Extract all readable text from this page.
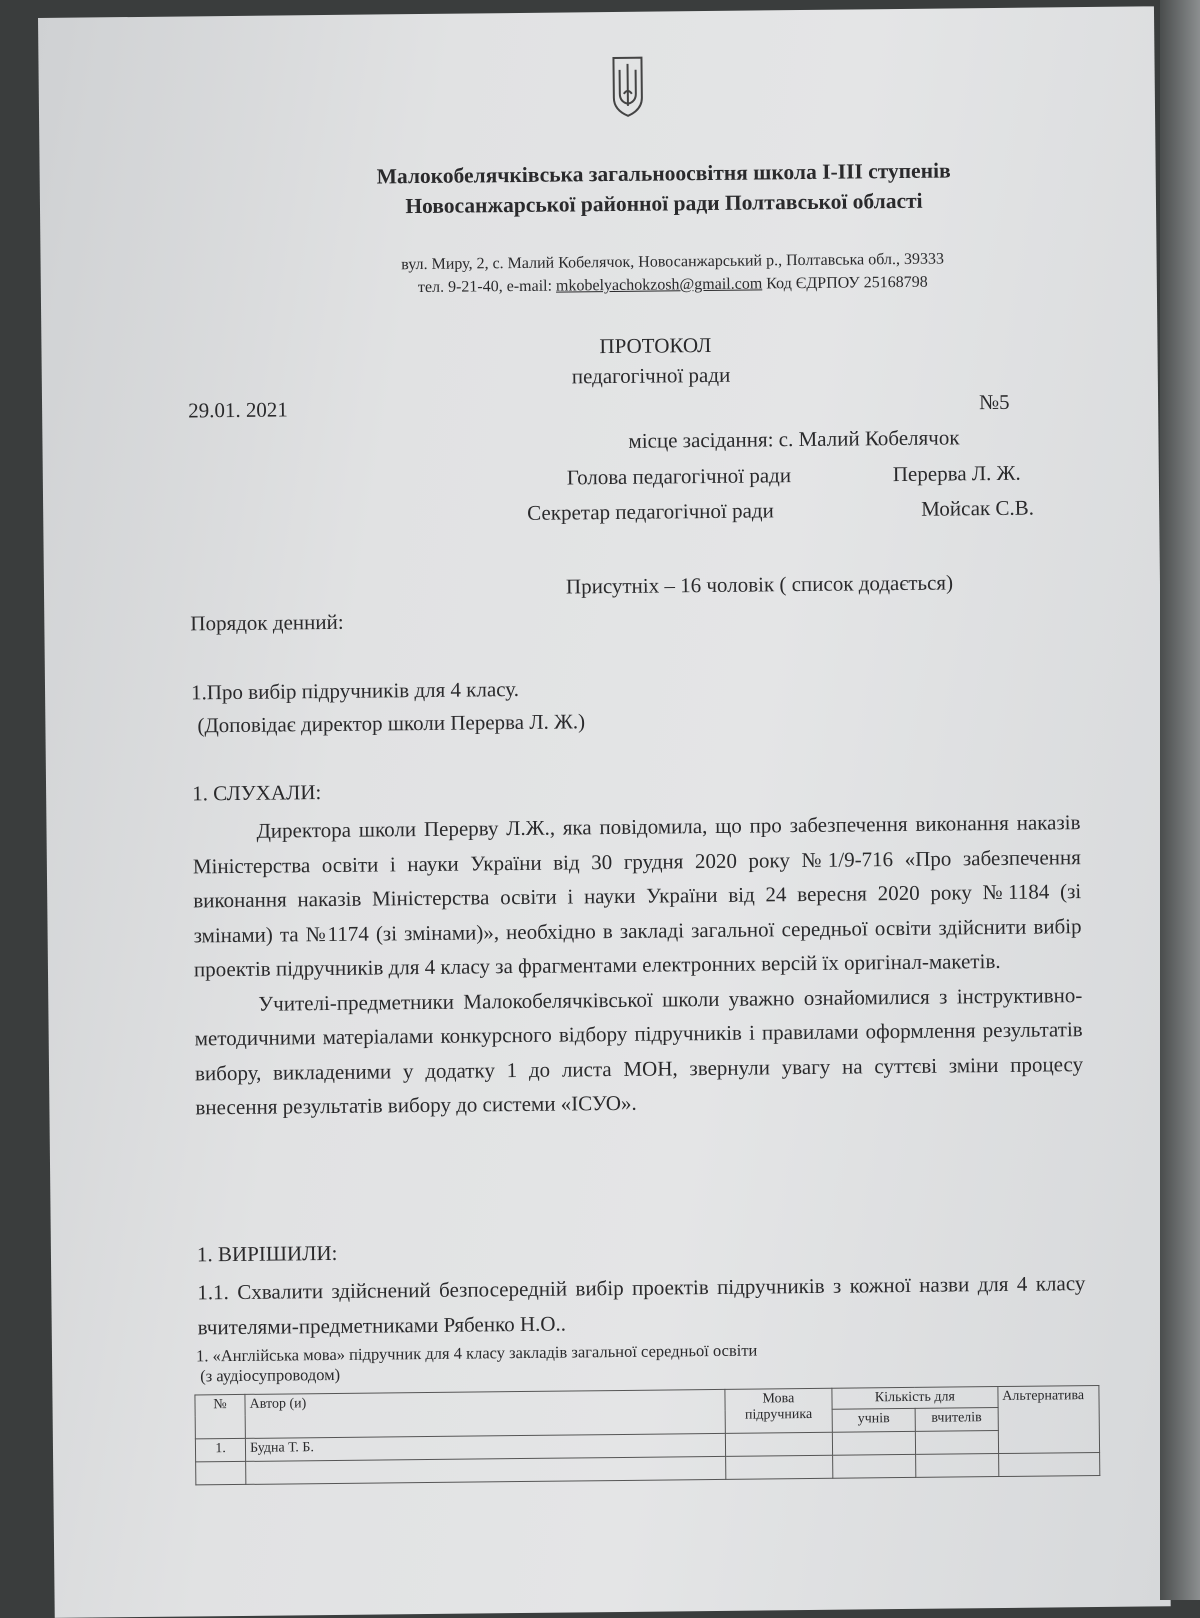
Малокобелячківська загальноосвітня школа І-ІІІ ступенів
Новосанжарської районної ради Полтавської області
вул. Миру, 2, с. Малий Кобелячок, Новосанжарський р., Полтавська обл., 39333
тел. 9-21-40, e-mail: mkobelyachokzosh@gmail.com Код ЄДРПОУ 25168798
ПРОТОКОЛ
педагогічної ради
29.01. 2021	№5
місце засідання: с. Малий Кобелячок
Голова педагогічної ради	Перерва Л. Ж.
Секретар педагогічної ради	Мойсак С.В.
Присутніх – 16 чоловік ( список додається)
Порядок денний:
1.Про вибір підручників для 4 класу.
(Доповідає директор школи Перерва Л. Ж.)
1. СЛУХАЛИ:

Директора школи Перерву Л.Ж., яка повідомила, що про забезпечення виконання наказів Міністерства освіти і науки України від 30 грудня 2020 року №1/9-716 «Про забезпечення виконання наказів Міністерства освіти і науки України від 24 вересня 2020 року №1184 (зі змінами) та №1174 (зі змінами)», необхідно в закладі загальної середньої освіти здійснити вибір проектів підручників для 4 класу за фрагментами електронних версій їх оригінал-макетів.

Учителі-предметники Малокобелячківської школи уважно ознайомилися з інструктивно-методичними матеріалами конкурсного відбору підручників і правилами оформлення результатів вибору, викладеними у додатку 1 до листа МОН, звернули увагу на суттєві зміни процесу внесення результатів вибору до системи «ІСУО».

1. ВИРІШИЛИ:
1.1. Схвалити здійснений безпосередній вибір проектів підручників з кожної назви для 4 класу вчителями-предметниками Рябенко Н.О..
1. «Англійська мова» підручник для 4 класу закладів загальної середньої освіти
(з аудіосупроводом)
№	Автор (и)	Мова підручника	Кількість для		Альтернатива
			учнів	вчителів	
1.	Будна Т. Б.				
